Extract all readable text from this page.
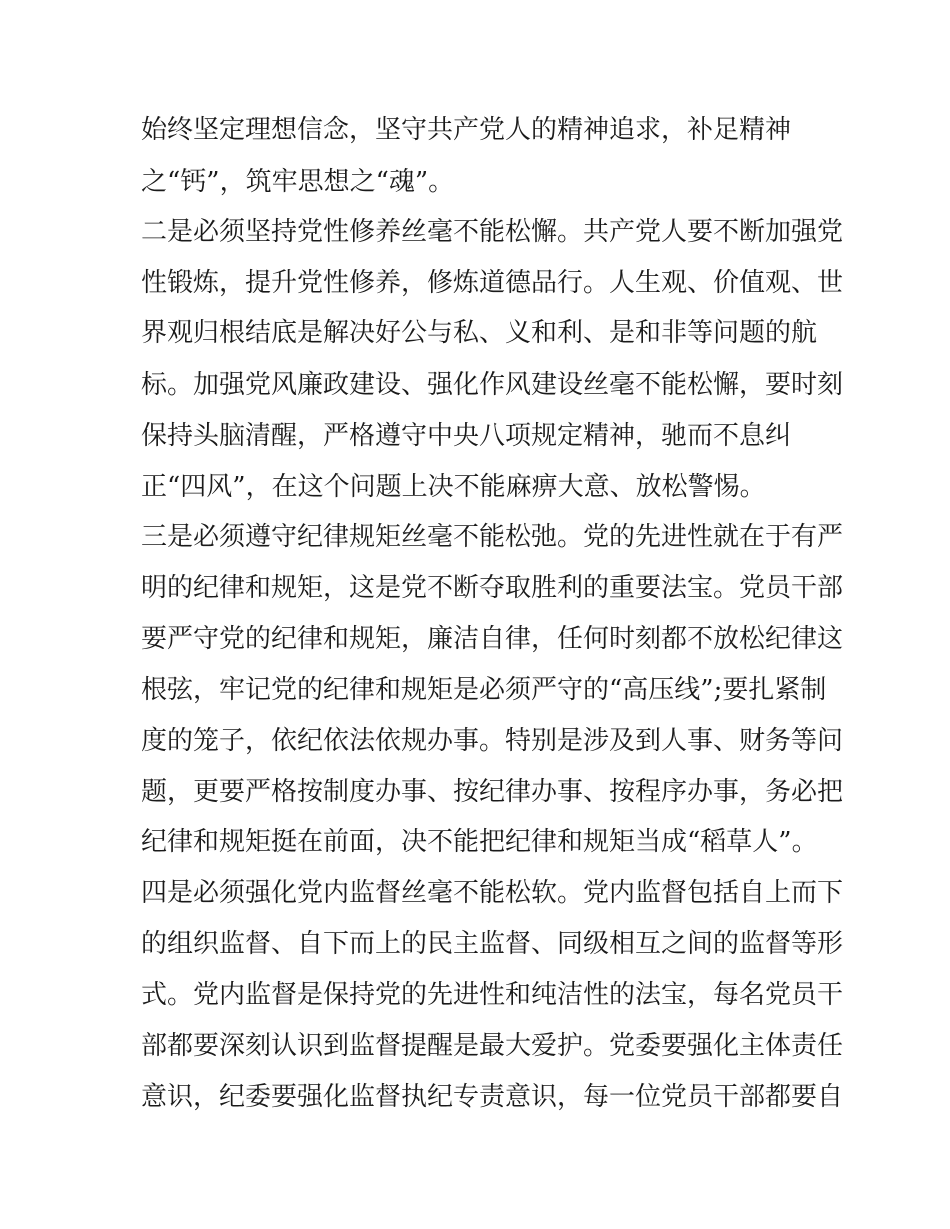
始终坚定理想信念，坚守共产党人的精神追求，补足精神

之“钙”，筑牢思想之“魂”。

二是必须坚持党性修养丝毫不能松懈。共产党人要不断加强党

性锻炼，提升党性修养，修炼道德品行。人生观、价值观、世

界观归根结底是解决好公与私、义和利、是和非等问题的航

标。加强党风廉政建设、强化作风建设丝毫不能松懈，要时刻

保持头脑清醒，严格遵守中央八项规定精神，驰而不息纠

正“四风”，在这个问题上决不能麻痹大意、放松警惕。

三是必须遵守纪律规矩丝毫不能松弛。党的先进性就在于有严

明的纪律和规矩，这是党不断夺取胜利的重要法宝。党员干部

要严守党的纪律和规矩，廉洁自律，任何时刻都不放松纪律这

根弦，牢记党的纪律和规矩是必须严守的“高压线”;要扎紧制

度的笼子，依纪依法依规办事。特别是涉及到人事、财务等问

题，更要严格按制度办事、按纪律办事、按程序办事，务必把

纪律和规矩挺在前面，决不能把纪律和规矩当成“稻草人”。

四是必须强化党内监督丝毫不能松软。党内监督包括自上而下

的组织监督、自下而上的民主监督、同级相互之间的监督等形

式。党内监督是保持党的先进性和纯洁性的法宝，每名党员干

部都要深刻认识到监督提醒是最大爱护。党委要强化主体责任

意识，纪委要强化监督执纪专责意识，每一位党员干部都要自
